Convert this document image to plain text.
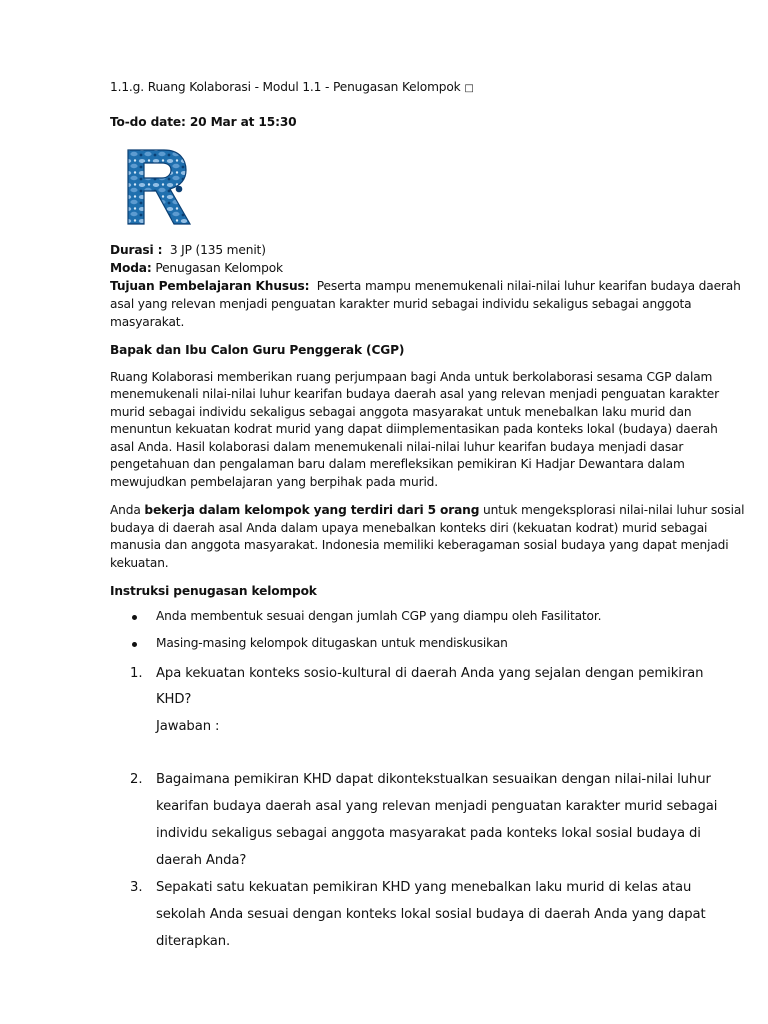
1.1.g. Ruang Kolaborasi - Modul 1.1 - Penugasan Kelompok □
To-do date: 20 Mar at 15:30
Durasi : 3 JP (135 menit)
Moda: Penugasan Kelompok
Tujuan Pembelajaran Khusus: Peserta mampu menemukenali nilai-nilai luhur kearifan budaya daerah
asal yang relevan menjadi penguatan karakter murid sebagai individu sekaligus sebagai anggota
masyarakat.
Bapak dan Ibu Calon Guru Penggerak (CGP)
Ruang Kolaborasi memberikan ruang perjumpaan bagi Anda untuk berkolaborasi sesama CGP dalam
menemukenali nilai-nilai luhur kearifan budaya daerah asal yang relevan menjadi penguatan karakter
murid sebagai individu sekaligus sebagai anggota masyarakat untuk menebalkan laku murid dan
menuntun kekuatan kodrat murid yang dapat diimplementasikan pada konteks lokal (budaya) daerah
asal Anda. Hasil kolaborasi dalam menemukenali nilai-nilai luhur kearifan budaya menjadi dasar
pengetahuan dan pengalaman baru dalam merefleksikan pemikiran Ki Hadjar Dewantara dalam
mewujudkan pembelajaran yang berpihak pada murid.
Anda bekerja dalam kelompok yang terdiri dari 5 orang untuk mengeksplorasi nilai-nilai luhur sosial
budaya di daerah asal Anda dalam upaya menebalkan konteks diri (kekuatan kodrat) murid sebagai
manusia dan anggota masyarakat. Indonesia memiliki keberagaman sosial budaya yang dapat menjadi
kekuatan.
Instruksi penugasan kelompok
Anda membentuk sesuai dengan jumlah CGP yang diampu oleh Fasilitator.
Masing-masing kelompok ditugaskan untuk mendiskusikan
1. Apa kekuatan konteks sosio-kultural di daerah Anda yang sejalan dengan pemikiran
KHD?
Jawaban :
2. Bagaimana pemikiran KHD dapat dikontekstualkan sesuaikan dengan nilai-nilai luhur
kearifan budaya daerah asal yang relevan menjadi penguatan karakter murid sebagai
individu sekaligus sebagai anggota masyarakat pada konteks lokal sosial budaya di
daerah Anda?
3. Sepakati satu kekuatan pemikiran KHD yang menebalkan laku murid di kelas atau
sekolah Anda sesuai dengan konteks lokal sosial budaya di daerah Anda yang dapat
diterapkan.
